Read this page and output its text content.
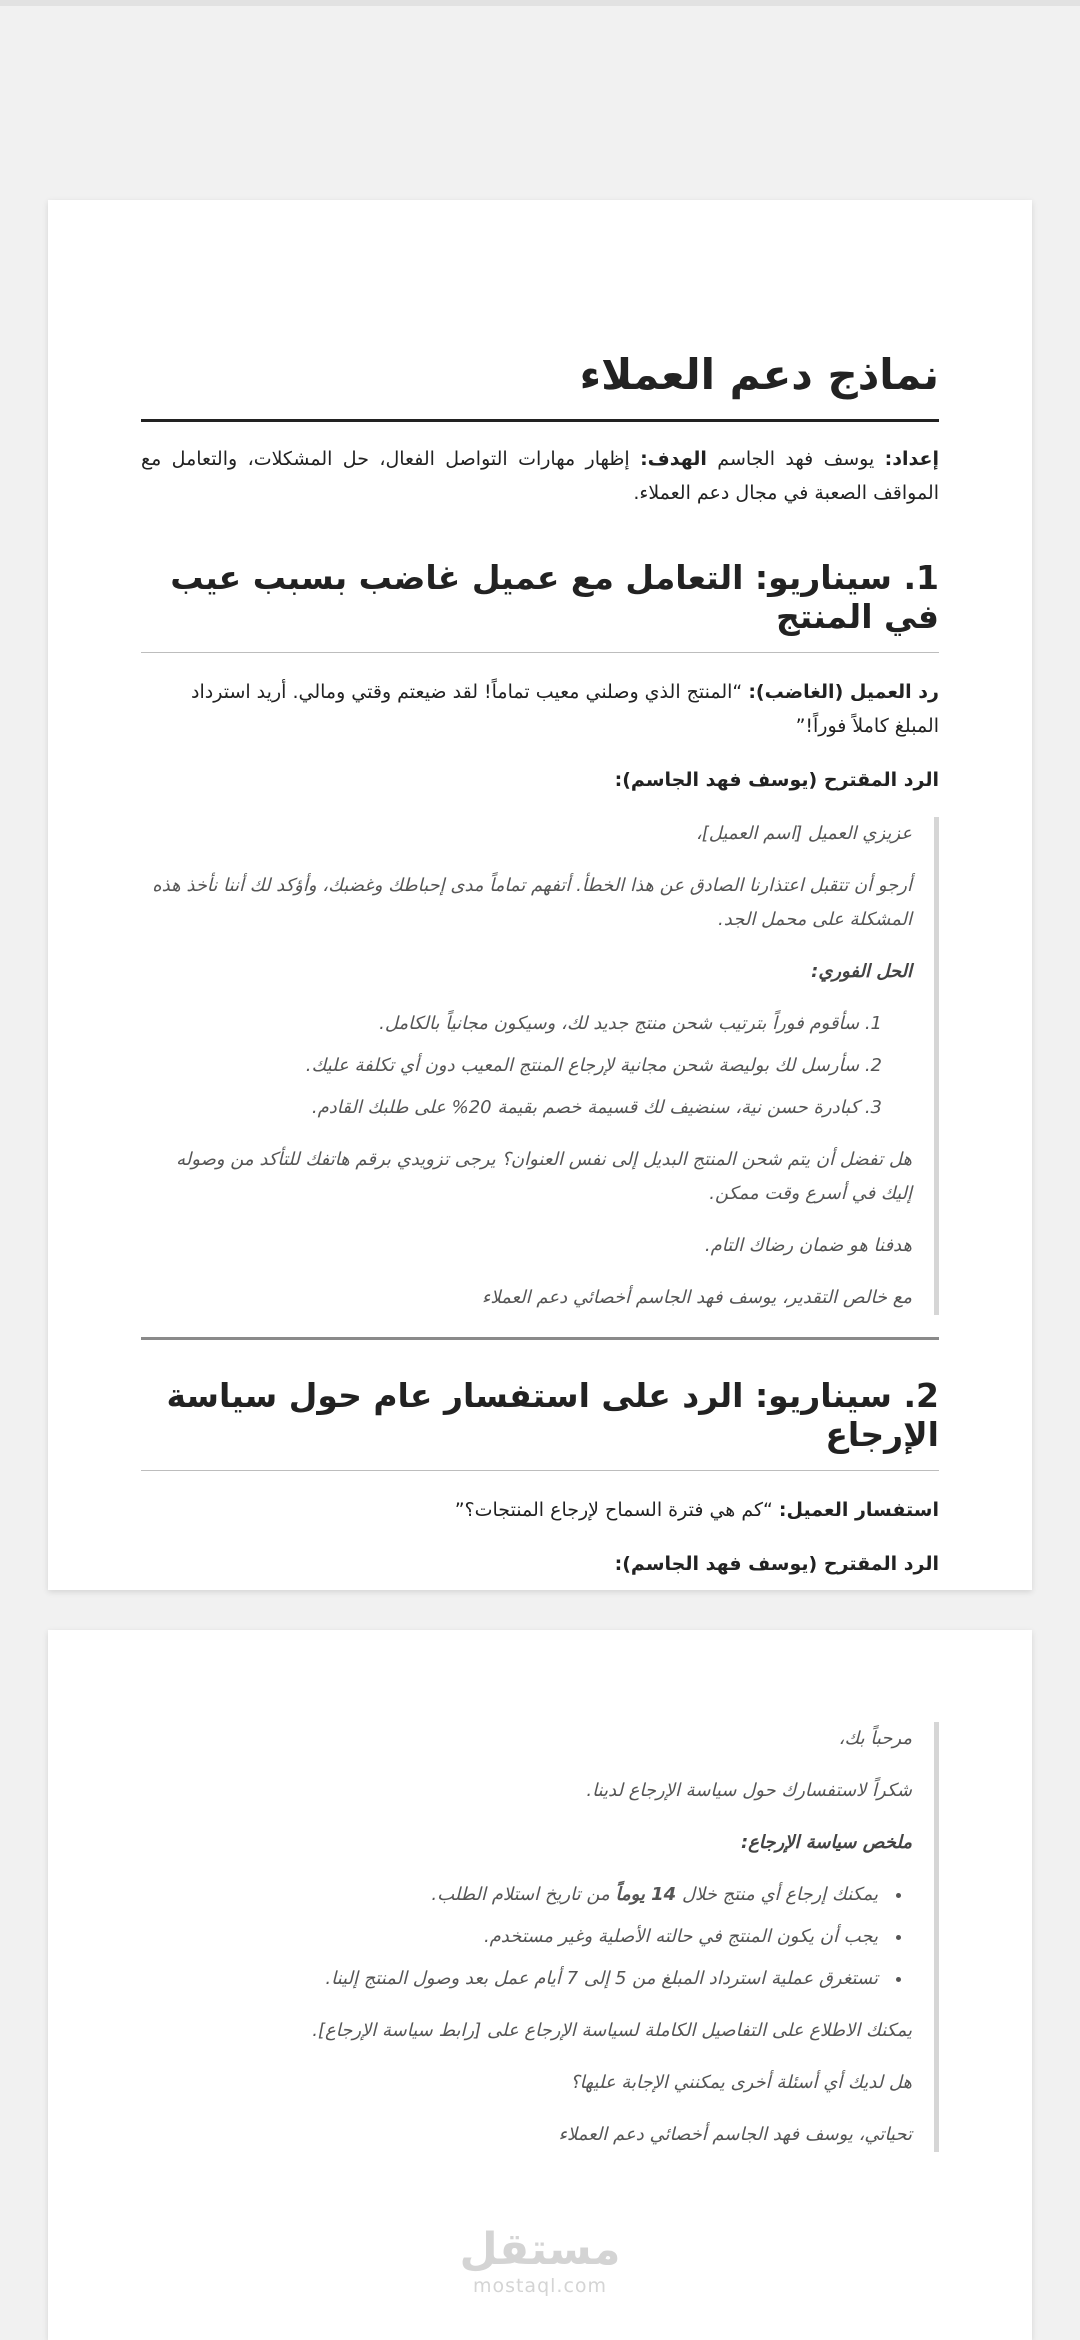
نماذج دعم العملاء

إعداد: يوسف فهد الجاسم الهدف: إظهار مهارات التواصل الفعال، حل المشكلات، والتعامل مع المواقف الصعبة في مجال دعم العملاء.

1. سيناريو: التعامل مع عميل غاضب بسبب عيب في المنتج

رد العميل (الغاضب): “المنتج الذي وصلني معيب تماماً! لقد ضيعتم وقتي ومالي. أريد استرداد المبلغ كاملاً فوراً!”

الرد المقترح (يوسف فهد الجاسم):

عزيزي العميل [اسم العميل]،

أرجو أن تتقبل اعتذارنا الصادق عن هذا الخطأ. أتفهم تماماً مدى إحباطك وغضبك، وأؤكد لك أننا نأخذ هذه المشكلة على محمل الجد.

الحل الفوري:

1. سأقوم فوراً بترتيب شحن منتج جديد لك، وسيكون مجانياً بالكامل.
2. سأرسل لك بوليصة شحن مجانية لإرجاع المنتج المعيب دون أي تكلفة عليك.
3. كبادرة حسن نية، سنضيف لك قسيمة خصم بقيمة 20% على طلبك القادم.

هل تفضل أن يتم شحن المنتج البديل إلى نفس العنوان؟ يرجى تزويدي برقم هاتفك للتأكد من وصوله إليك في أسرع وقت ممكن.

هدفنا هو ضمان رضاك التام.

مع خالص التقدير، يوسف فهد الجاسم أخصائي دعم العملاء

2. سيناريو: الرد على استفسار عام حول سياسة الإرجاع

استفسار العميل: “كم هي فترة السماح لإرجاع المنتجات؟”

الرد المقترح (يوسف فهد الجاسم):

مرحباً بك،

شكراً لاستفسارك حول سياسة الإرجاع لدينا.

ملخص سياسة الإرجاع:

• يمكنك إرجاع أي منتج خلال 14 يوماً من تاريخ استلام الطلب.
• يجب أن يكون المنتج في حالته الأصلية وغير مستخدم.
• تستغرق عملية استرداد المبلغ من 5 إلى 7 أيام عمل بعد وصول المنتج إلينا.

يمكنك الاطلاع على التفاصيل الكاملة لسياسة الإرجاع على [رابط سياسة الإرجاع].

هل لديك أي أسئلة أخرى يمكنني الإجابة عليها؟

تحياتي، يوسف فهد الجاسم أخصائي دعم العملاء

مستقل
mostaql.com
